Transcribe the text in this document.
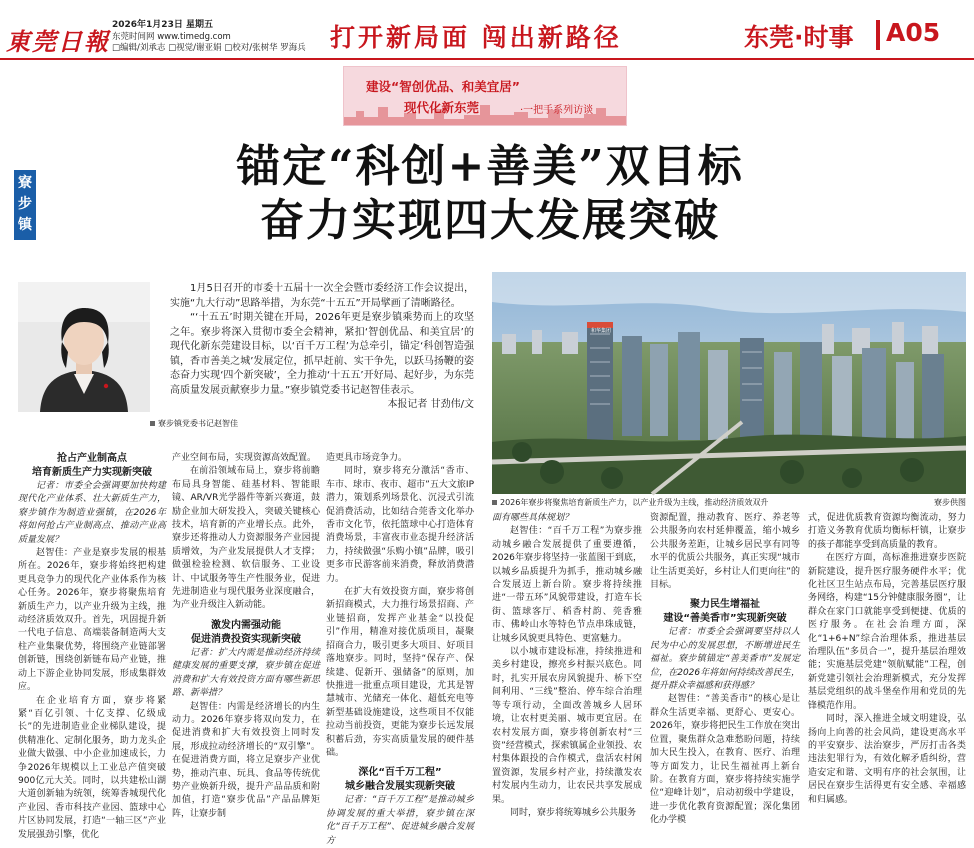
東莞日報
2026年1月23日 星期五
东莞时间网 www.timedg.com
□编辑/刘承志 □视觉/谢亚娟 □校对/张树华 罗海兵 打开新局面 闯出新路径	东莞·时事 A05
建设“智创优品、和美宜居”
现代化新东莞	·一把手系列访谈
寮步镇
锚定“科创+善美”双目标
奋力实现四大发展突破
寮步镇党委书记赵智佳

1月5日召开的市委十五届十一次全会暨市委经济工作会议提出，实施“九大行动”思路举措，为东莞“十五五”开局擘画了清晰路径。

“‘十五五’时期关键在开局，2026年更是寮步镇乘势而上的攻坚之年。寮步将深入贯彻市委全会精神，紧扣‘智创优品、和美宜居’的现代化新东莞建设目标，以‘百千万工程’为总牵引，锚定‘科创智造强镇，香市善美之城’发展定位，抓早赶前、实干争先，以跃马扬鞭的姿态奋力实现‘四个新突破’，全力推动‘十五五’开好局、起好步，为东莞高质量发展贡献寮步力量。”寮步镇党委书记赵智佳表示。

本报记者 甘劲伟/文

和华集团
2026年寮步将聚焦培育新质生产力，以产业升级为主线，推动经济质效双升	寮步供图

抢占产业制高点

培育新质生产力实现新突破

记者：市委全会强调要加快构建现代化产业体系、壮大新质生产力，寮步镇作为制造业强镇，在2026年将如何抢占产业制高点、推动产业高质量发展？

赵智佳：产业是寮步发展的根基所在。2026年，寮步将始终把构建更具竞争力的现代化产业体系作为核心任务。2026年，寮步将聚焦培育新质生产力，以产业升级为主线，推动经济质效双升。首先，巩固提升新一代电子信息、高端装备制造两大支柱产业集聚优势，将围绕产业链部署创新链，围绕创新链布局产业链，推动上下游企业协同发展，形成集群效应。

在企业培育方面，寮步将紧紧“百亿引领、十亿支撑、亿级成长”的先进制造业企业梯队建设，提供精准化、定制化服务，助力龙头企业做大做强、中小企业加速成长，力争2026年规模以上工业总产值突破900亿元大关。同时，以共建松山湖大道创新轴为统领，统筹香城现代化产业园、香市科技产业园、篮球中心片区协同发展，打造“一轴三区”产业发展强劲引擎，优化

产业空间布局，实现资源高效配置。

在前沿领域布局上，寮步将前瞻布局具身智能、硅基材料、智能眼镜、AR/VR光学器件等新兴赛道，鼓励企业加大研发投入，突破关键核心技术，培育新的产业增长点。此外，寮步还将推动人力资源服务产业园提质增效，为产业发展提供人才支撑；做强检验检测、软信服务、工业设计、中试服务等生产性服务业，促进先进制造业与现代服务业深度融合，为产业升级注入新动能。

激发内需强动能

促进消费投资实现新突破

记者：扩大内需是推动经济持续健康发展的重要支撑，寮步镇在促进消费和扩大有效投资方面有哪些新思路、新举措？

赵智佳：内需是经济增长的内生动力。2026年寮步将双向发力，在促进消费和扩大有效投资上同时发展，形成拉动经济增长的“双引擎”。在促进消费方面，将立足寮步产业优势，推动汽車、玩具、食品等传统优势产业焕新升级，提升产品品质和附加值，打造“寮步优品”产品品牌矩阵，让寮步制

造更具市场竞争力。

同时，寮步将充分激活“香市、车市、球市、夜市、超市”五大文旅IP潜力，策划系列场景化、沉浸式引流促消费活动，比如结合莞香文化举办香市文化节，依托篮球中心打造体育消费场景，丰富夜市业态提升经济活力，持续做强“乐购小镇”品牌，吸引更多市民游客前来消费，释放消费潜力。

在扩大有效投资方面，寮步将创新招商模式，大力推行场景招商、产业链招商，发挥产业基金“以投促引”作用，精准对接优质项目，凝聚招商合力，吸引更多大项目、好项目落地寮步。同时，坚持“保存产、保续建、促新开、强储备”的原则，加快推进一批重点项目建设，尤其是智慧城市、光储充一体化、超低充电等新型基础设施建设，这些项目不仅能拉动当前投资，更能为寮步长远发展积蓄后劲，夯实高质量发展的硬件基础。

深化“百千万工程”

城乡融合发展实现新突破

记者：“百千万工程”是推动城乡协调发展的重大举措，寮步镇在深化“百千万工程”、促进城乡融合发展方

面有哪些具体规划？

赵智佳：“百千万工程”为寮步推动城乡融合发展提供了重要遵循，2026年寮步将坚持一张蓝图干到底，以城乡品质提升为抓手，推动城乡融合发展迈上新台阶。寮步将持续推进“一带五环”风貌带建设，打造车长街、篮球客厅、稻香村韵、莞香雅市、佛岭山水等特色节点串珠成链，让城乡风貌更具特色、更富魅力。

以小城市建设标准，持续推进和美乡村建设，擦亮乡村振兴底色。同时，扎实开展农房风貌提升、桥下空间利用、“三线”整治、停车综合治理等专项行动，全面改善城乡人居环境，让农村更美丽、城市更宜居。在农村发展方面，寮步将创新农村“三资”经营模式，探索镇属企业领投、农村集体跟投的合作模式，盘活农村闲置资源，发展乡村产业，持续激发农村发展内生动力，让农民共享发展成果。

同时，寮步将统筹城乡公共服务

资源配置，推动教育、医疗、养老等公共服务向农村延伸覆盖，缩小城乡公共服务差距，让城乡居民享有同等水平的优质公共服务，真正实现“城市让生活更美好，乡村让人们更向往”的目标。

聚力民生增福祉

建设“善美香市”实现新突破

记者：市委全会强调要坚持以人民为中心的发展思想，不断增进民生福祉。寮步镇锚定“善美香市”发展定位，在2026年将如何持续改善民生，提升群众幸福感和获得感？

赵智佳：“善美香市”的核心是让群众生活更幸福、更舒心、更安心。2026年，寮步将把民生工作放在突出位置，聚焦群众急难愁盼问题，持续加大民生投入，在教育、医疗、治理等方面发力，让民生福祉再上新台阶。在教育方面，寮步将持续实施学位“迎峰计划”，启动初级中学建设，进一步优化教育资源配置；深化集团化办学模

式，促进优质教育资源均衡流动，努力打造义务教育优质均衡标杆镇，让寮步的孩子都能享受到高质量的教育。

在医疗方面，高标准推进寮步医院新院建设，提升医疗服务硬件水平；优化社区卫生站点布局，完善基层医疗服务网络，构建“15分钟健康服务圈”，让群众在家门口就能享受到便捷、优质的医疗服务。在社会治理方面，深化“1+6+N”综合治理体系，推进基层治理队伍“多员合一”，提升基层治理效能；实施基层党建“领航赋能”工程，创新党建引领社会治理新模式，充分发挥基层党组织的战斗堡垒作用和党员的先锋模范作用。

同时，深入推进全域文明建设，弘扬向上向善的社会风尚，建设更高水平的平安寮步、法治寮步，严厉打击各类违法犯罪行为，有效化解矛盾纠纷，营造安定和谐、文明有序的社会氛围，让居民在寮步生活得更有安全感、幸福感和归属感。
